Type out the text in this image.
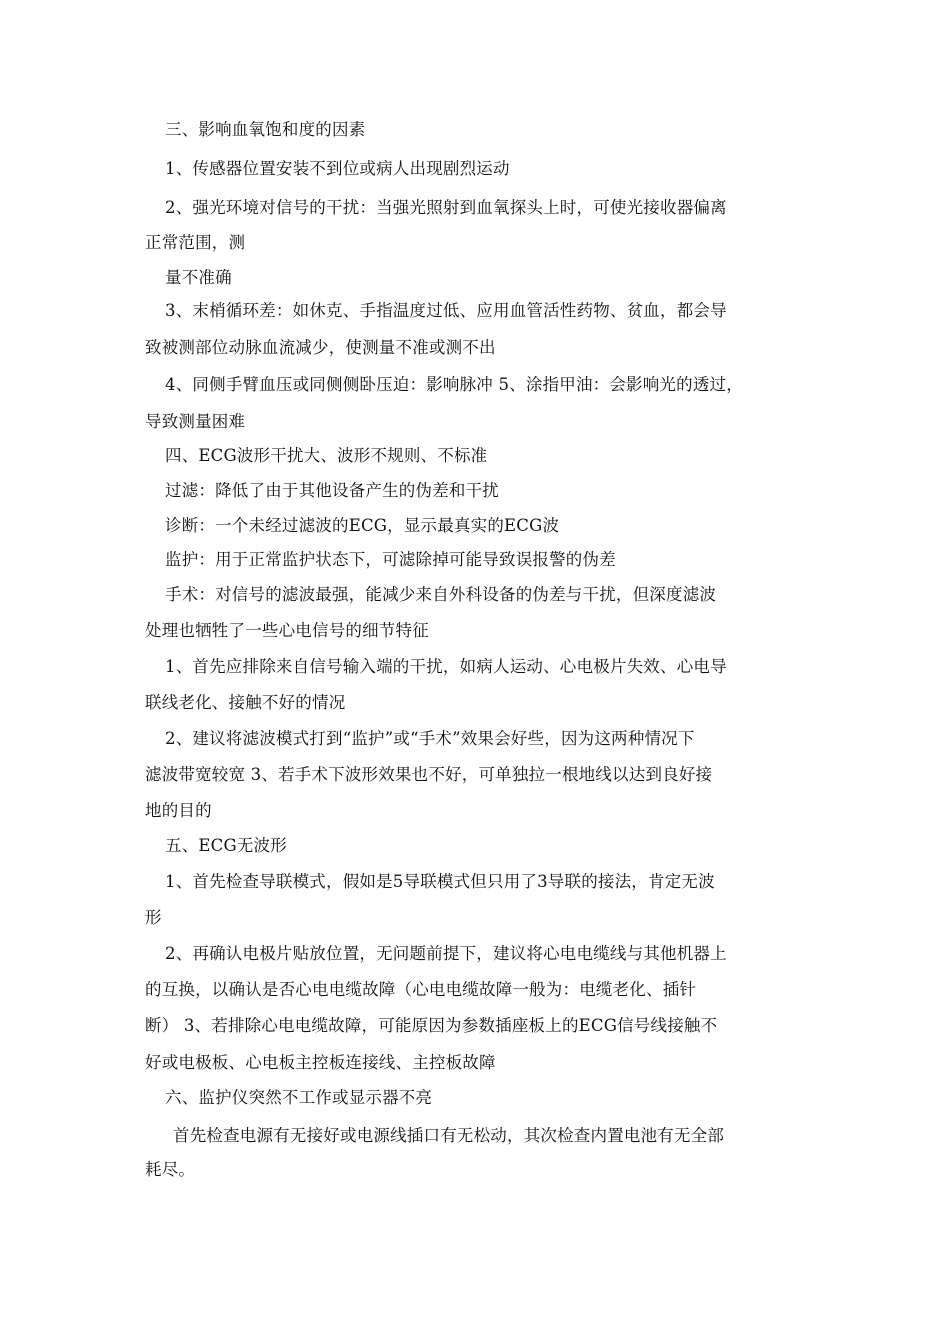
三、影响血氧饱和度的因素
1、传感器位置安装不到位或病人出现剧烈运动
2、强光环境对信号的干扰：当强光照射到血氧探头上时，可使光接收器偏离
正常范围，测
量不准确
3、末梢循环差：如休克、手指温度过低、应用血管活性药物、贫血，都会导
致被测部位动脉血流减少，使测量不准或测不出
4、同侧手臂血压或同侧侧卧压迫：影响脉冲 5、涂指甲油：会影响光的透过，
导致测量困难
四、ECG波形干扰大、波形不规则、不标准
过滤：降低了由于其他设备产生的伪差和干扰
诊断：一个未经过滤波的ECG，显示最真实的ECG波
监护：用于正常监护状态下，可滤除掉可能导致误报警的伪差
手术：对信号的滤波最强，能减少来自外科设备的伪差与干扰，但深度滤波
处理也牺牲了一些心电信号的细节特征
1、首先应排除来自信号输入端的干扰，如病人运动、心电极片失效、心电导
联线老化、接触不好的情况
2、建议将滤波模式打到“监护”或“手术”效果会好些，因为这两种情况下
滤波带宽较宽 3、若手术下波形效果也不好，可单独拉一根地线以达到良好接
地的目的
五、ECG无波形
1、首先检查导联模式，假如是5导联模式但只用了3导联的接法，肯定无波
形
2、再确认电极片贴放位置，无问题前提下，建议将心电电缆线与其他机器上
的互换，以确认是否心电电缆故障（心电电缆故障一般为：电缆老化、插针
断） 3、若排除心电电缆故障，可能原因为参数插座板上的ECG信号线接触不
好或电极板、心电板主控板连接线、主控板故障
六、监护仪突然不工作或显示器不亮
首先检查电源有无接好或电源线插口有无松动，其次检查内置电池有无全部
耗尽。
